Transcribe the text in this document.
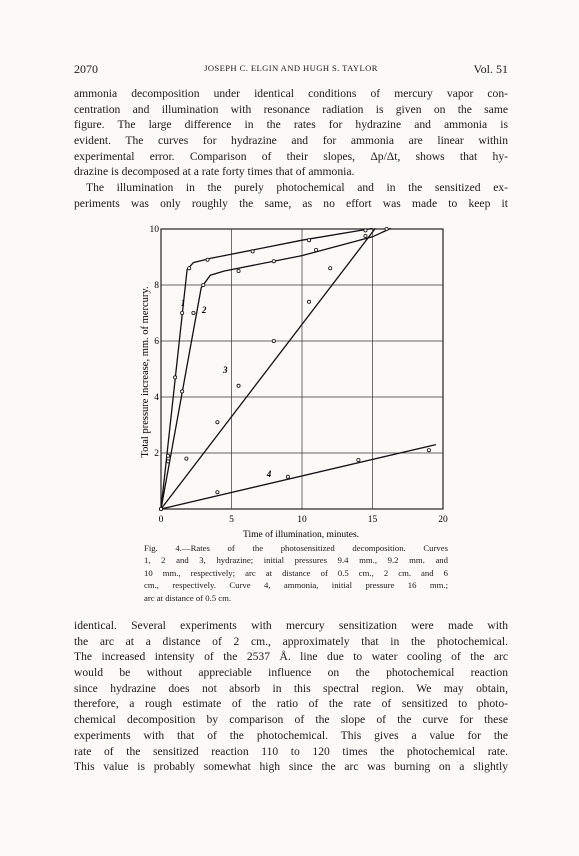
2070	JOSEPH C. ELGIN AND HUGH S. TAYLOR	Vol. 51
ammonia decomposition under identical conditions of mercury vapor con-
centration and illumination with resonance radiation is given on the same
figure. The large difference in the rates for hydrazine and ammonia is
evident. The curves for hydrazine and for ammonia are linear within
experimental error. Comparison of their slopes, Δp/Δt, shows that hy-
drazine is decomposed at a rate forty times that of ammonia.
The illumination in the purely photochemical and in the sensitized ex-
periments was only roughly the same, as no effort was made to keep it
0	5	10	15	20
2
4
6
8
10
1
2
3
4
Time of illumination, minutes.
Total pressure increase, mm. of mercury.
Fig. 4.—Rates of the photosensitized decomposition. Curves
1, 2 and 3, hydrazine; initial pressures 9.4 mm., 9.2 mm. and
10 mm., respectively; arc at distance of 0.5 cm., 2 cm. and 6
cm., respectively. Curve 4, ammonia, initial pressure 16 mm.;
arc at distance of 0.5 cm.
identical. Several experiments with mercury sensitization were made with
the arc at a distance of 2 cm., approximately that in the photochemical.
The increased intensity of the 2537 Å. line due to water cooling of the arc
would be without appreciable influence on the photochemical reaction
since hydrazine does not absorb in this spectral region. We may obtain,
therefore, a rough estimate of the ratio of the rate of sensitized to photo-
chemical decomposition by comparison of the slope of the curve for these
experiments with that of the photochemical. This gives a value for the
rate of the sensitized reaction 110 to 120 times the photochemical rate.
This value is probably somewhat high since the arc was burning on a slightly
